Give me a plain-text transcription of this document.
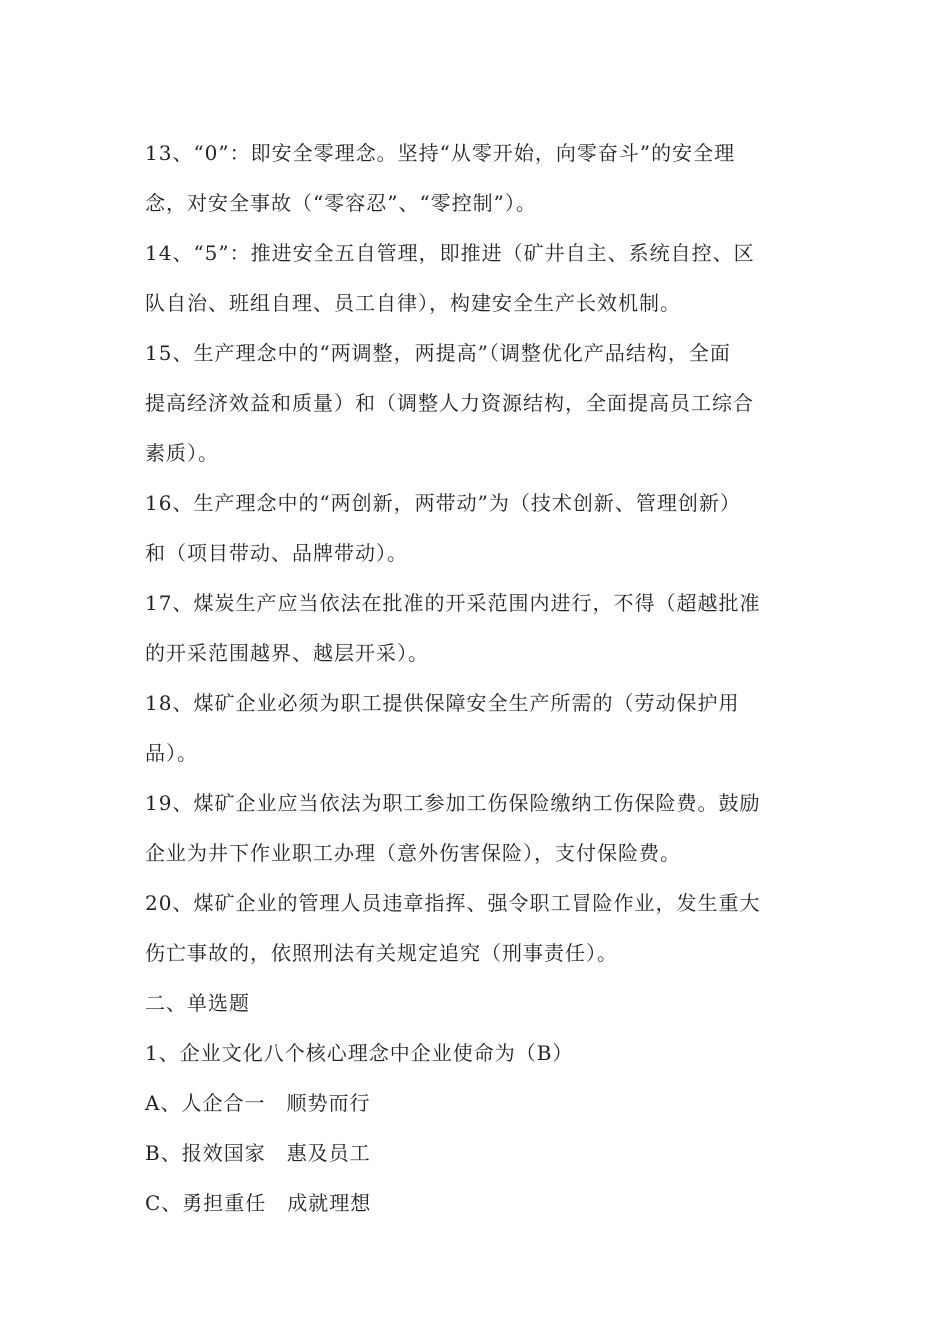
13、“0”：即安全零理念。坚持“从零开始，向零奋斗”的安全理
念，对安全事故（“零容忍”、“零控制”）。
14、“5”：推进安全五自管理，即推进（矿井自主、系统自控、区
队自治、班组自理、员工自律），构建安全生产长效机制。
15、生产理念中的“两调整，两提高”（调整优化产品结构，全面
提高经济效益和质量）和（调整人力资源结构，全面提高员工综合
素质）。
16、生产理念中的“两创新，两带动”为（技术创新、管理创新）
和（项目带动、品牌带动）。
17、煤炭生产应当依法在批准的开采范围内进行，不得（超越批准
的开采范围越界、越层开采）。
18、煤矿企业必须为职工提供保障安全生产所需的（劳动保护用
品）。
19、煤矿企业应当依法为职工参加工伤保险缴纳工伤保险费。鼓励
企业为井下作业职工办理（意外伤害保险），支付保险费。
20、煤矿企业的管理人员违章指挥、强令职工冒险作业，发生重大
伤亡事故的，依照刑法有关规定追究（刑事责任）。
二、单选题
1、企业文化八个核心理念中企业使命为（B）
A、人企合一　顺势而行
B、报效国家　惠及员工
C、勇担重任　成就理想
